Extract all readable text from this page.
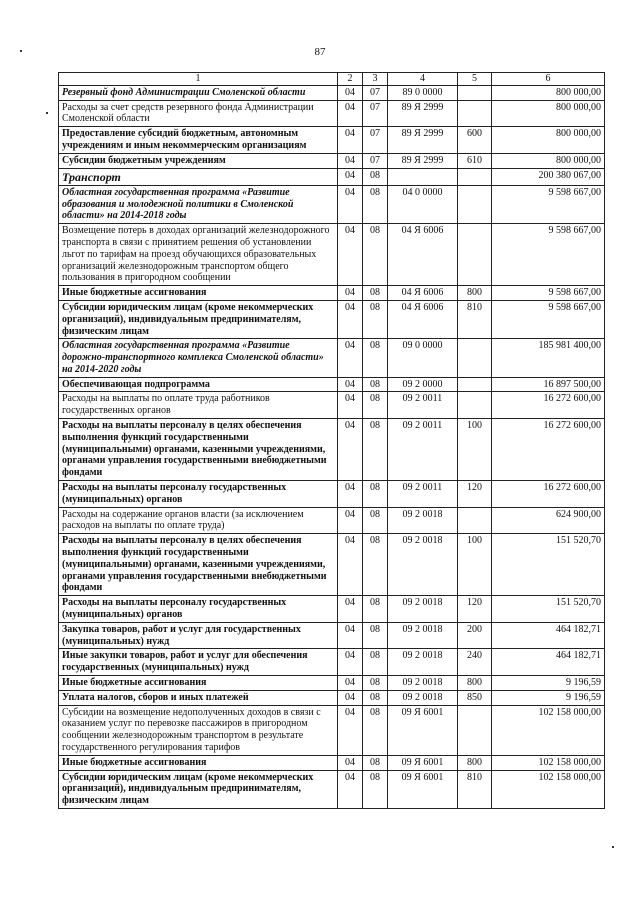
87
1	2	3	4	5	6
Резервный фонд Администрации Смоленской области	04	07	89 0 0000		800 000,00
Расходы за счет средств резервного фонда Администрации Смоленской области	04	07	89 Я 2999		800 000,00
Предоставление субсидий бюджетным, автономным учреждениям и иным некоммерческим организациям	04	07	89 Я 2999	600	800 000,00
Субсидии бюджетным учреждениям	04	07	89 Я 2999	610	800 000,00
Транспорт	04	08			200 380 067,00
Областная государственная программа «Развитие образования и молодежной политики в Смоленской области» на 2014-2018 годы	04	08	04 0 0000		9 598 667,00
Возмещение потерь в доходах организаций железнодорожного транспорта в связи с принятием решения об установлении льгот по тарифам на проезд обучающихся образовательных организаций железнодорожным транспортом общего пользования в пригородном сообщении	04	08	04 Я 6006		9 598 667,00
Иные бюджетные ассигнования	04	08	04 Я 6006	800	9 598 667,00
Субсидии юридическим лицам (кроме некоммерческих организаций), индивидуальным предпринимателям, физическим лицам	04	08	04 Я 6006	810	9 598 667,00
Областная государственная программа «Развитие дорожно-транспортного комплекса Смоленской области» на 2014-2020 годы	04	08	09 0 0000		185 981 400,00
Обеспечивающая подпрограмма	04	08	09 2 0000		16 897 500,00
Расходы на выплаты по оплате труда работников государственных органов	04	08	09 2 0011		16 272 600,00
Расходы на выплаты персоналу в целях обеспечения выполнения функций государственными (муниципальными) органами, казенными учреждениями, органами управления государственными внебюджетными фондами	04	08	09 2 0011	100	16 272 600,00
Расходы на выплаты персоналу государственных (муниципальных) органов	04	08	09 2 0011	120	16 272 600,00
Расходы на содержание органов власти (за исключением расходов на выплаты по оплате труда)	04	08	09 2 0018		624 900,00
Расходы на выплаты персоналу в целях обеспечения выполнения функций государственными (муниципальными) органами, казенными учреждениями, органами управления государственными внебюджетными фондами	04	08	09 2 0018	100	151 520,70
Расходы на выплаты персоналу государственных (муниципальных) органов	04	08	09 2 0018	120	151 520,70
Закупка товаров, работ и услуг для государственных (муниципальных) нужд	04	08	09 2 0018	200	464 182,71
Иные закупки товаров, работ и услуг для обеспечения государственных (муниципальных) нужд	04	08	09 2 0018	240	464 182,71
Иные бюджетные ассигнования	04	08	09 2 0018	800	9 196,59
Уплата налогов, сборов и иных платежей	04	08	09 2 0018	850	9 196,59
Субсидии на возмещение недополученных доходов в связи с оказанием услуг по перевозке пассажиров в пригородном сообщении железнодорожным транспортом в результате государственного регулирования тарифов	04	08	09 Я 6001		102 158 000,00
Иные бюджетные ассигнования	04	08	09 Я 6001	800	102 158 000,00
Субсидии юридическим лицам (кроме некоммерческих организаций), индивидуальным предпринимателям, физическим лицам	04	08	09 Я 6001	810	102 158 000,00
